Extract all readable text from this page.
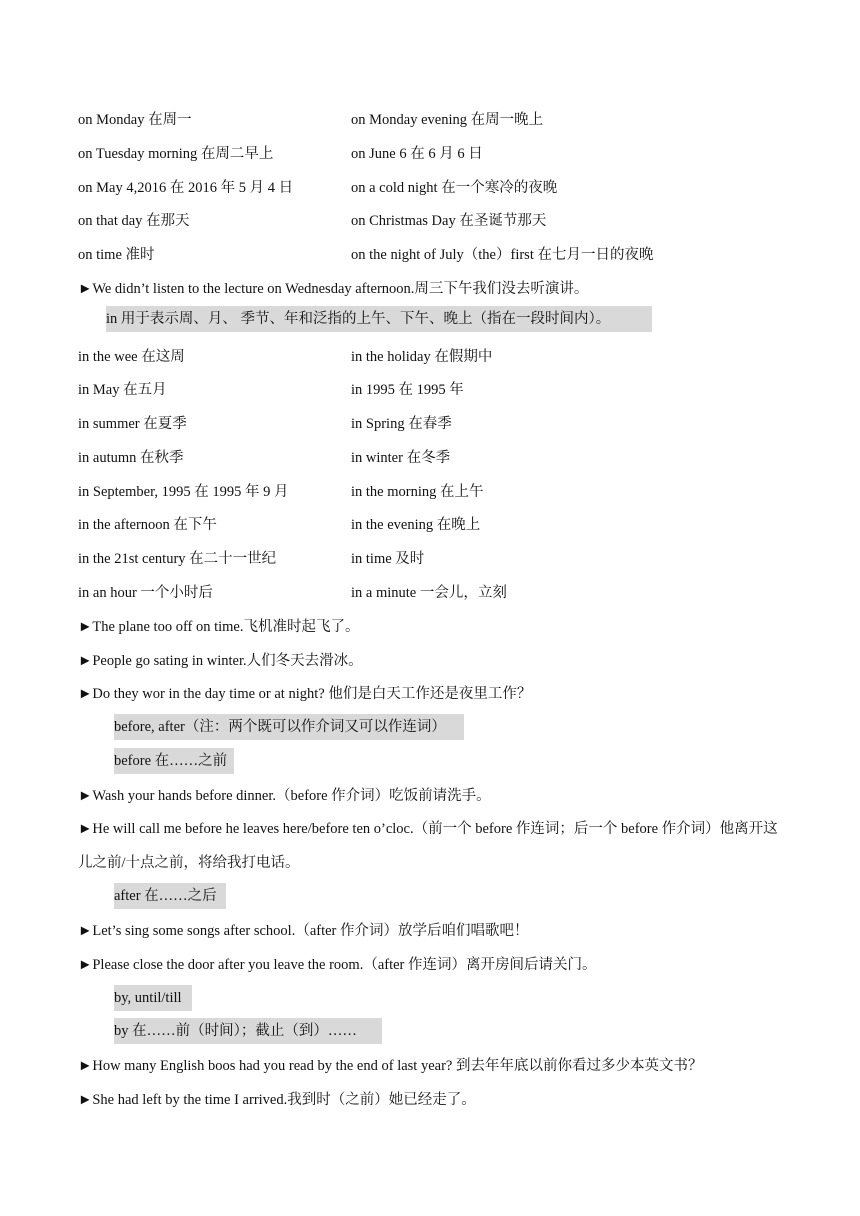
on Monday 在周一	on Monday evening 在周一晚上
on Tuesday morning 在周二早上	on June 6 在 6 月 6 日
on May 4,2016 在 2016 年 5 月 4 日	on a cold night 在一个寒冷的夜晚
on that day 在那天	on Christmas Day 在圣诞节那天
on time 准时	on the night of July（the）first 在七月一日的夜晚
►We didn’t listen to the lecture on Wednesday afternoon.周三下午我们没去听演讲。
in 用于表示周、月、 季节、年和泛指的上午、下午、晚上（指在一段时间内）。
in the wee 在这周	in the holiday 在假期中
in May 在五月	in 1995 在 1995 年
in summer 在夏季	in Spring 在春季
in autumn 在秋季	in winter 在冬季
in September, 1995 在 1995 年 9 月	in the morning 在上午
in the afternoon 在下午	in the evening 在晚上
in the 21st century 在二十一世纪	in time 及时
in an hour 一个小时后	in a minute 一会儿，立刻
►The plane too off on time.飞机准时起飞了。
►People go sating in winter.人们冬天去滑冰。
►Do they wor in the day time or at night? 他们是白天工作还是夜里工作？
before, after（注：两个既可以作介词又可以作连词）
before 在……之前
►Wash your hands before dinner.（before 作介词）吃饭前请洗手。
►He will call me before he leaves here/before ten o’cloc.（前一个 before 作连词；后一个 before 作介词）他离开这儿之前/十点之前，将给我打电话。
after 在……之后
►Let’s sing some songs after school.（after 作介词）放学后咱们唱歌吧！
►Please close the door after you leave the room.（after 作连词）离开房间后请关门。
by, until/till
by 在……前（时间）；截止（到）……
►How many English boos had you read by the end of last year? 到去年年底以前你看过多少本英文书？
►She had left by the time I arrived.我到时（之前）她已经走了。
